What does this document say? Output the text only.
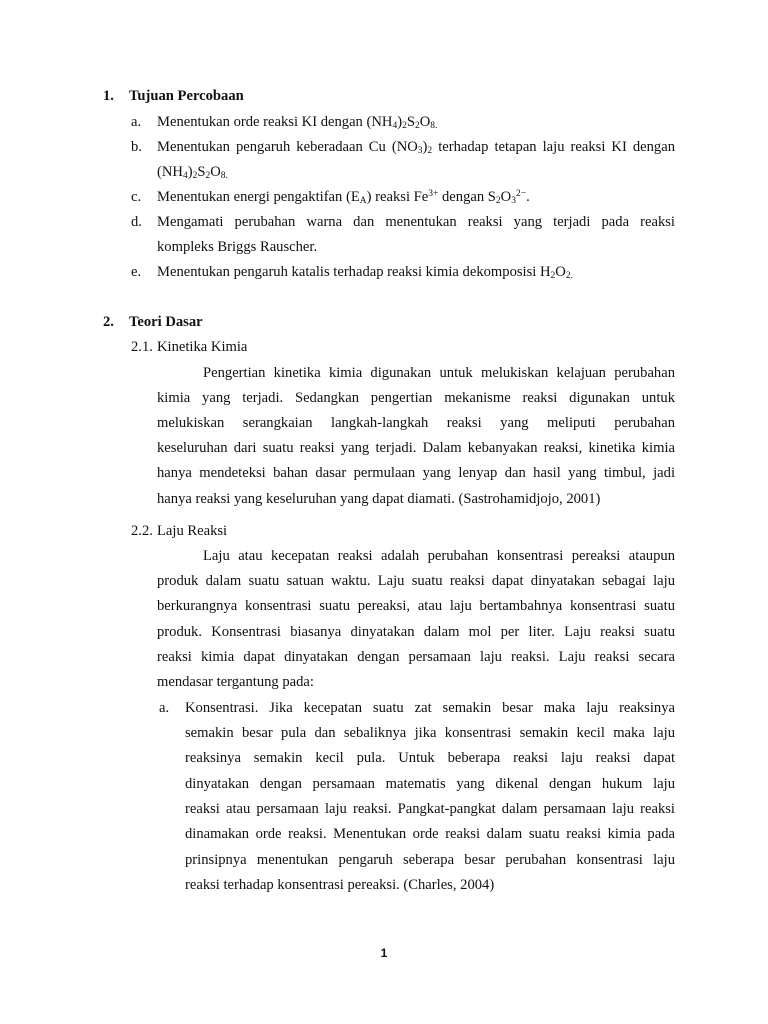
1. Tujuan Percobaan
a. Menentukan orde reaksi KI dengan $(NH_4)_2S_2O_{8.}$
b. Menentukan pengaruh keberadaan Cu $(NO_3)_2$ terhadap tetapan laju reaksi KI dengan
$(NH_4)_2S_2O_{8.}$
c. Menentukan energi pengaktifan $(E_A)$ reaksi $Fe^{3+}$ dengan $S_2O_3^{2-}$.
d. Mengamati perubahan warna dan menentukan reaksi yang terjadi pada reaksi
kompleks Briggs Rauscher.
e. Menentukan pengaruh katalis terhadap reaksi kimia dekomposisi $H_2O_{2.}$
2. Teori Dasar
2.1. Kinetika Kimia
Pengertian kinetika kimia digunakan untuk melukiskan kelajuan perubahan
kimia yang terjadi. Sedangkan pengertian mekanisme reaksi digunakan untuk
melukiskan serangkaian langkah-langkah reaksi yang meliputi perubahan
keseluruhan dari suatu reaksi yang terjadi. Dalam kebanyakan reaksi, kinetika kimia
hanya mendeteksi bahan dasar permulaan yang lenyap dan hasil yang timbul, jadi
hanya reaksi yang keseluruhan yang dapat diamati. (Sastrohamidjojo, 2001)
2.2. Laju Reaksi
Laju atau kecepatan reaksi adalah perubahan konsentrasi pereaksi ataupun
produk dalam suatu satuan waktu. Laju suatu reaksi dapat dinyatakan sebagai laju
berkurangnya konsentrasi suatu pereaksi, atau laju bertambahnya konsentrasi suatu
produk. Konsentrasi biasanya dinyatakan dalam mol per liter. Laju reaksi suatu
reaksi kimia dapat dinyatakan dengan persamaan laju reaksi. Laju reaksi secara
mendasar tergantung pada:
a. Konsentrasi. Jika kecepatan suatu zat semakin besar maka laju reaksinya
semakin besar pula dan sebaliknya jika konsentrasi semakin kecil maka laju
reaksinya semakin kecil pula. Untuk beberapa reaksi laju reaksi dapat
dinyatakan dengan persamaan matematis yang dikenal dengan hukum laju
reaksi atau persamaan laju reaksi. Pangkat-pangkat dalam persamaan laju reaksi
dinamakan orde reaksi. Menentukan orde reaksi dalam suatu reaksi kimia pada
prinsipnya menentukan pengaruh seberapa besar perubahan konsentrasi laju
reaksi terhadap konsentrasi pereaksi. (Charles, 2004)
1
